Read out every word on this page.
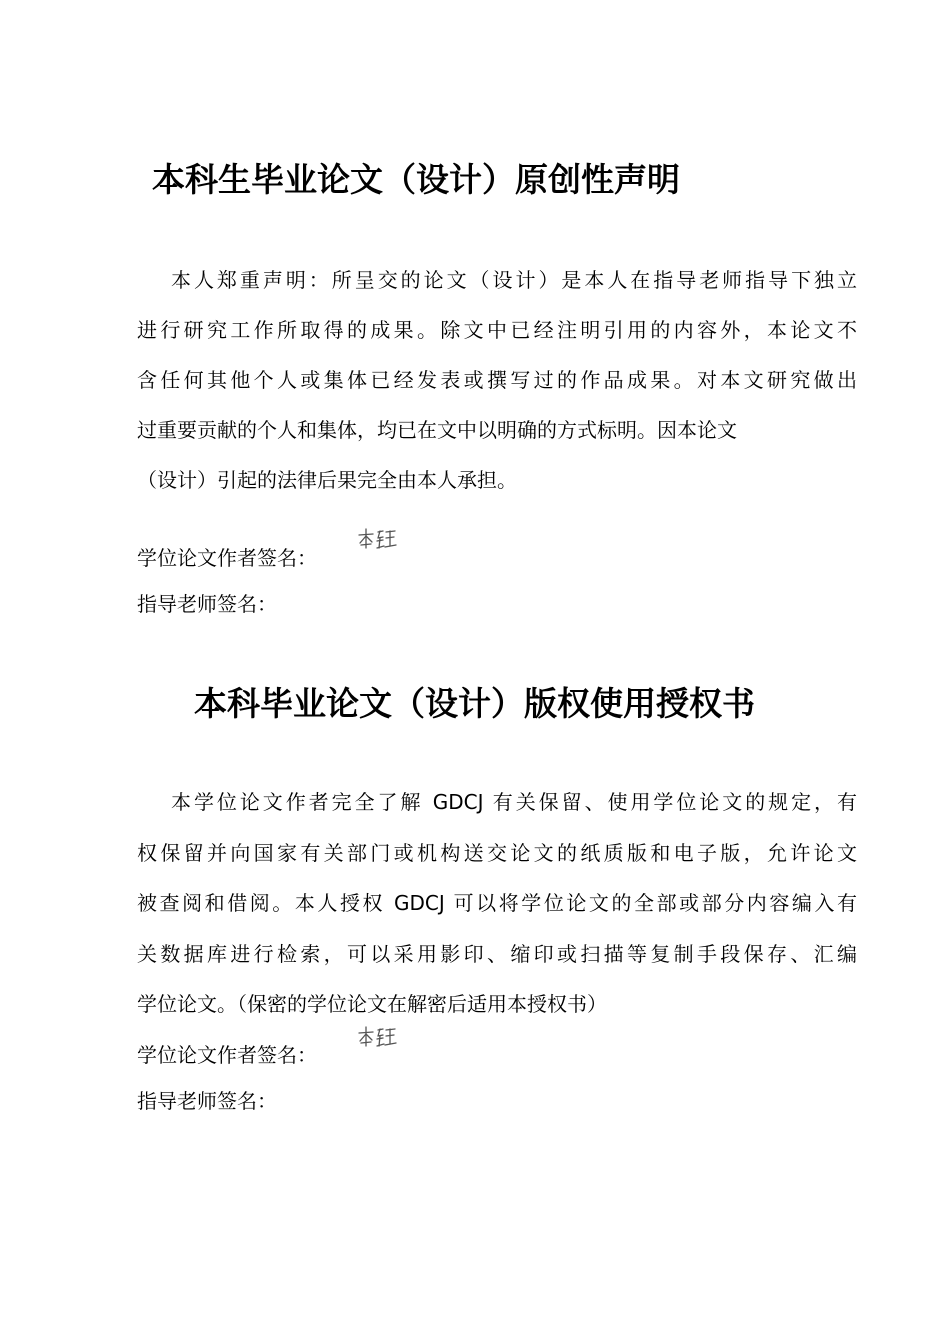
本科生毕业论文（设计）原创性声明
本人郑重声明：所呈交的论文（设计）是本人在指导老师指导下独立
进行研究工作所取得的成果。除文中已经注明引用的内容外，本论文不
含任何其他个人或集体已经发表或撰写过的作品成果。对本文研究做出
过重要贡献的个人和集体，均已在文中以明确的方式标明。因本论文
（设计）引起的法律后果完全由本人承担。
学位论文作者签名：
指导老师签名：
本科毕业论文（设计）版权使用授权书
本学位论文作者完全了解 GDCJ 有关保留、使用学位论文的规定，有
权保留并向国家有关部门或机构送交论文的纸质版和电子版，允许论文
被查阅和借阅。本人授权 GDCJ 可以将学位论文的全部或部分内容编入有
关数据库进行检索，可以采用影印、缩印或扫描等复制手段保存、汇编
学位论文。（保密的学位论文在解密后适用本授权书）
学位论文作者签名：
指导老师签名：
